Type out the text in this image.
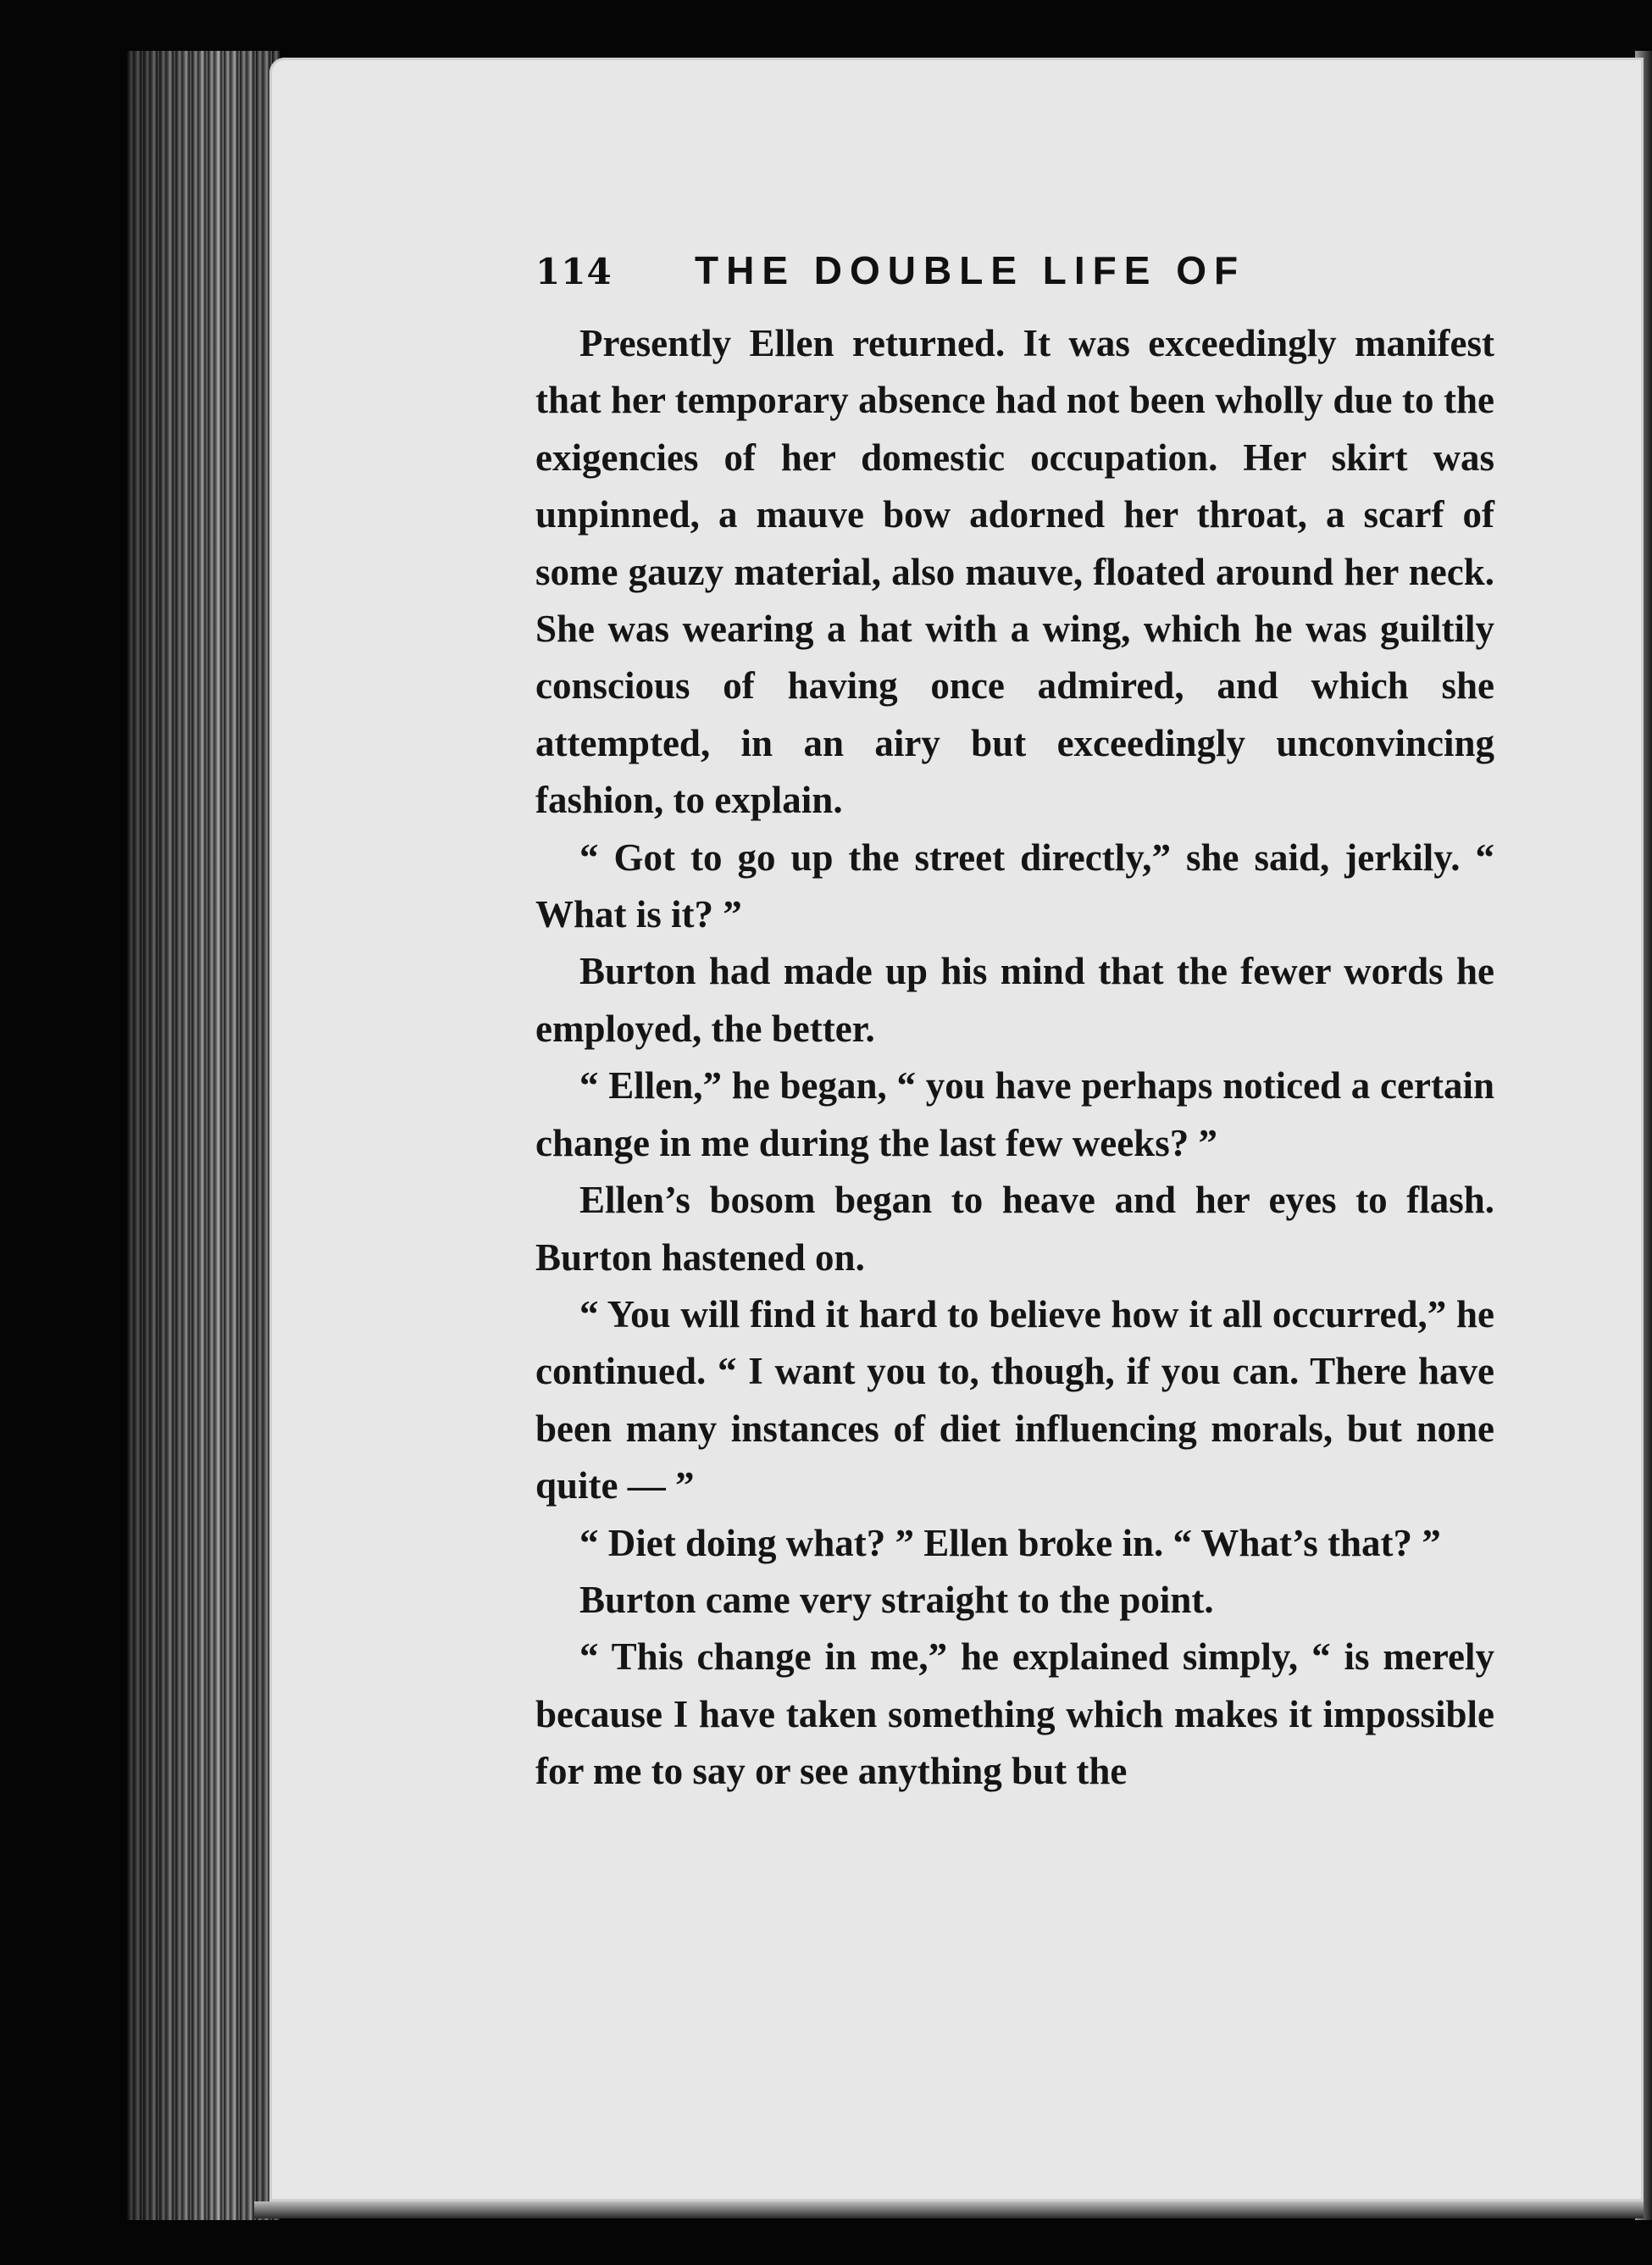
114 THE DOUBLE LIFE OF

Presently Ellen returned. It was exceedingly manifest that her temporary absence had not been wholly due to the exigencies of her domestic occupation. Her skirt was unpinned, a mauve bow adorned her throat, a scarf of some gauzy material, also mauve, floated around her neck. She was wearing a hat with a wing, which he was guiltily conscious of having once admired, and which she attempted, in an airy but exceedingly unconvincing fashion, to explain.

“ Got to go up the street directly,” she said, jerkily. “ What is it? ”

Burton had made up his mind that the fewer words he employed, the better.

“ Ellen,” he began, “ you have perhaps noticed a certain change in me during the last few weeks? ”

Ellen’s bosom began to heave and her eyes to flash. Burton hastened on.

“ You will find it hard to believe how it all occurred,” he continued. “ I want you to, though, if you can. There have been many instances of diet influencing morals, but none quite — ”

“ Diet doing what? ” Ellen broke in. “ What’s that? ”

Burton came very straight to the point.

“ This change in me,” he explained simply, “ is merely because I have taken something which makes it impossible for me to say or see anything but the
